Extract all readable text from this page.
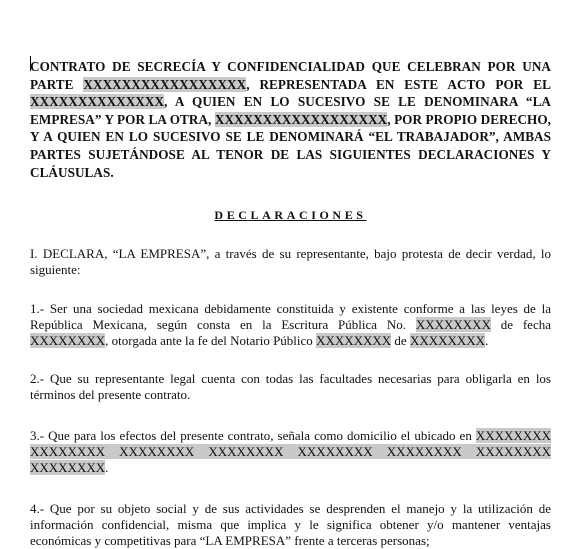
CONTRATO DE SECRECÍA Y CONFIDENCIALIDAD QUE CELEBRAN POR UNA PARTE XXXXXXXXXXXXXXXXX, REPRESENTADA EN ESTE ACTO POR EL XXXXXXXXXXXXXX, A QUIEN EN LO SUCESIVO SE LE DENOMINARA “LA EMPRESA” Y POR LA OTRA, XXXXXXXXXXXXXXXXXX, POR PROPIO DERECHO, Y A QUIEN EN LO SUCESIVO SE LE DENOMINARÁ “EL TRABAJADOR”, AMBAS PARTES SUJETÁNDOSE AL TENOR DE LAS SIGUIENTES DECLARACIONES Y CLÁUSULAS.

DECLARACIONES

I. DECLARA, “LA EMPRESA”, a través de su representante, bajo protesta de decir verdad, lo siguiente:

1.- Ser una sociedad mexicana debidamente constituida y existente conforme a las leyes de la República Mexicana, según consta en la Escritura Pública No. XXXXXXXX de fecha XXXXXXXX, otorgada ante la fe del Notario Público XXXXXXXX de XXXXXXXX.

2.- Que su representante legal cuenta con todas las facultades necesarias para obligarla en los términos del presente contrato.

3.- Que para los efectos del presente contrato, señala como domicilio el ubicado en XXXXXXXX XXXXXXXX XXXXXXXX XXXXXXXX XXXXXXXX XXXXXXXX XXXXXXXX XXXXXXXX.

4.- Que por su objeto social y de sus actividades se desprenden el manejo y la utilización de información confidencial, misma que implica y le significa obtener y/o mantener ventajas económicas y competitivas para “LA EMPRESA” frente a terceras personas;
